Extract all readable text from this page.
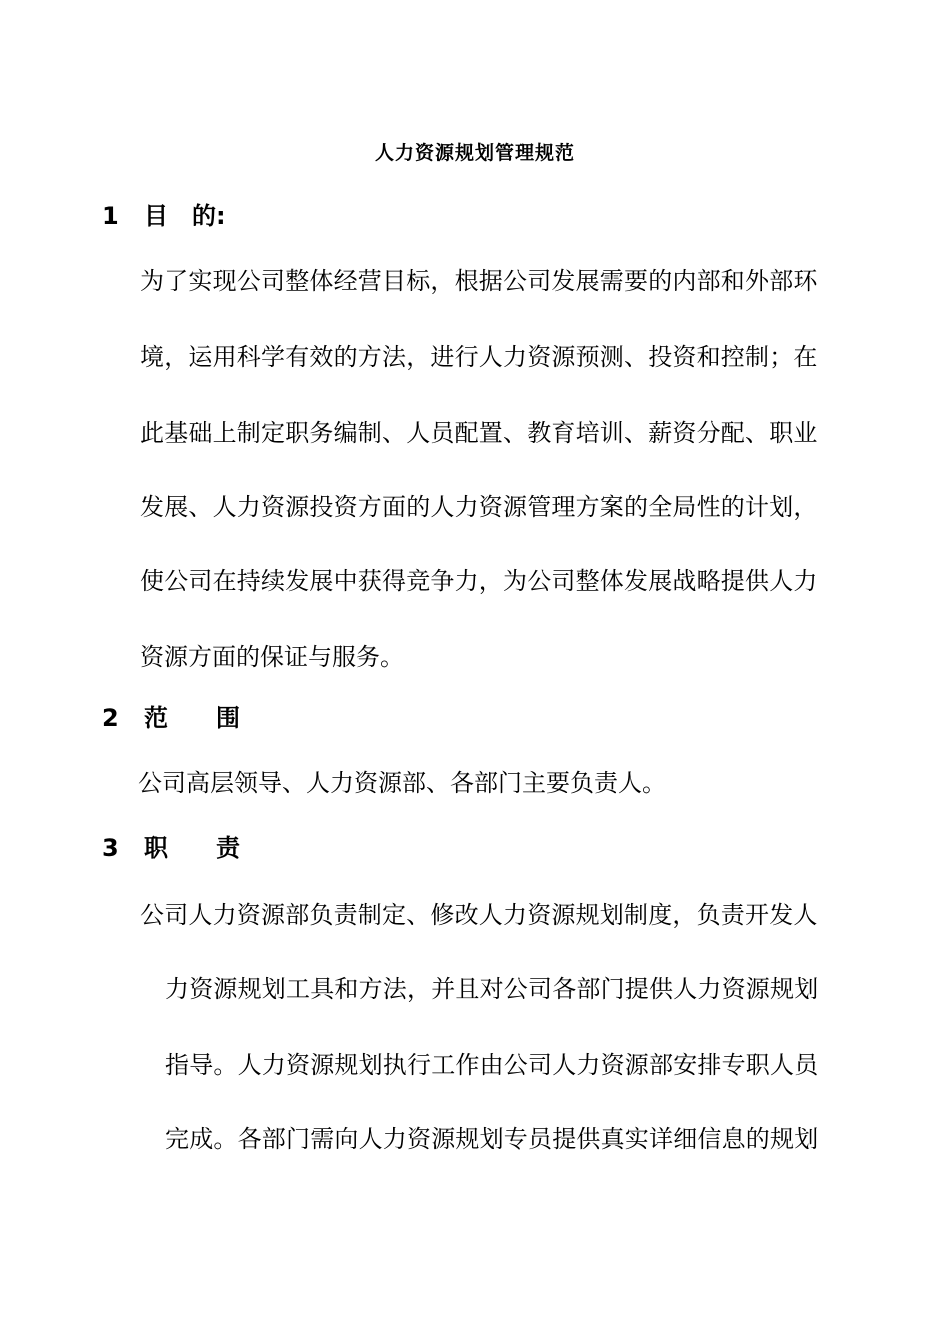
人力资源规划管理规范
1 目　的:
为了实现公司整体经营目标，根据公司发展需要的内部和外部环
境，运用科学有效的方法，进行人力资源预测、投资和控制；在
此基础上制定职务编制、人员配置、教育培训、薪资分配、职业
发展、人力资源投资方面的人力资源管理方案的全局性的计划，
使公司在持续发展中获得竞争力，为公司整体发展战略提供人力
资源方面的保证与服务。
2 范　　围
公司高层领导、人力资源部、各部门主要负责人。
3 职　　责
公司人力资源部负责制定、修改人力资源规划制度，负责开发人
力资源规划工具和方法，并且对公司各部门提供人力资源规划
指导。人力资源规划执行工作由公司人力资源部安排专职人员
完成。各部门需向人力资源规划专员提供真实详细信息的规划
